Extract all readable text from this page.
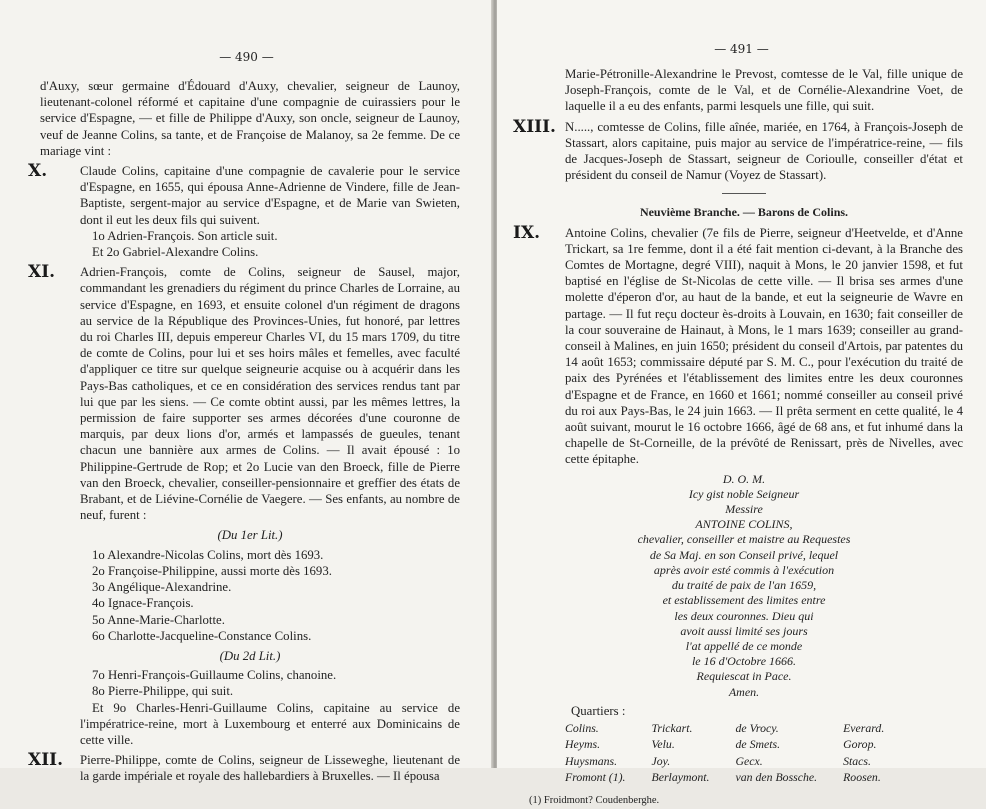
— 490 —

d'Auxy, sœur germaine d'Édouard d'Auxy, chevalier, seigneur de Launoy, lieutenant-colonel réformé et capitaine d'une compagnie de cuirassiers pour le service d'Espagne, — et fille de Philippe d'Auxy, son oncle, seigneur de Launoy, veuf de Jeanne Colins, sa tante, et de Françoise de Malanoy, sa 2e femme. De ce mariage vint :

X.	Claude Colins, capitaine d'une compagnie de cavalerie pour le service d'Espagne, en 1655, qui épousa Anne-Adrienne de Vindere, fille de Jean-Baptiste, sergent-major au service d'Espagne, et de Marie van Swieten, dont il eut les deux fils qui suivent.

1o Adrien-François. Son article suit.

Et 2o Gabriel-Alexandre Colins.

XI. Adrien-François, comte de Colins, seigneur de Sausel, major, commandant les grenadiers du régiment du prince Charles de Lorraine, au service d'Espagne, en 1693, et ensuite colonel d'un régiment de dragons au service de la République des Provinces-Unies, fut honoré, par lettres du roi Charles III, depuis empereur Charles VI, du 15 mars 1709, du titre de comte de Colins, pour lui et ses hoirs mâles et femelles, avec faculté d'appliquer ce titre sur quelque seigneurie acquise ou à acquérir dans les Pays-Bas catholiques, et ce en considération des services rendus tant par lui que par les siens. — Ce comte obtint aussi, par les mêmes lettres, la permission de faire supporter ses armes décorées d'une couronne de marquis, par deux lions d'or, armés et lampassés de gueules, tenant chacun une bannière aux armes de Colins. — Il avait épousé : 1o Philippine-Gertrude de Rop; et 2o Lucie van den Broeck, fille de Pierre van den Broeck, chevalier, conseiller-pensionnaire et greffier des états de Brabant, et de Liévine-Cornélie de Vaegere. — Ses enfants, au nombre de neuf, furent :

(Du 1er Lit.)

1o Alexandre-Nicolas Colins, mort dès 1693.

2o Françoise-Philippine, aussi morte dès 1693.

3o Angélique-Alexandrine.

4o Ignace-François.

5o Anne-Marie-Charlotte.

6o Charlotte-Jacqueline-Constance Colins.

(Du 2d Lit.)

7o Henri-François-Guillaume Colins, chanoine.

8o Pierre-Philippe, qui suit.

Et 9o Charles-Henri-Guillaume Colins, capitaine au service de l'impératrice-reine, mort à Luxembourg et enterré aux Dominicains de cette ville.

XII. Pierre-Philippe, comte de Colins, seigneur de Lisseweghe, lieutenant de la garde impériale et royale des hallebardiers à Bruxelles. — Il épousa

— 491 —

Marie-Pétronille-Alexandrine le Prevost, comtesse de le Val, fille unique de Joseph-François, comte de le Val, et de Cornélie-Alexandrine Voet, de laquelle il a eu des enfants, parmi lesquels une fille, qui suit.

XIII. N....., comtesse de Colins, fille aînée, mariée, en 1764, à François-Joseph de Stassart, alors capitaine, puis major au service de l'impératrice-reine, — fils de Jacques-Joseph de Stassart, seigneur de Corioulle, conseiller d'état et président du conseil de Namur (Voyez de Stassart).

Neuvième Branche. — Barons de Colins.

IX. Antoine Colins, chevalier (7e fils de Pierre, seigneur d'Heetvelde, et d'Anne Trickart, sa 1re femme, dont il a été fait mention ci-devant, à la Branche des Comtes de Mortagne, degré VIII), naquit à Mons, le 20 janvier 1598, et fut baptisé en l'église de St-Nicolas de cette ville. — Il brisa ses armes d'une molette d'éperon d'or, au haut de la bande, et eut la seigneurie de Wavre en partage. — Il fut reçu docteur ès-droits à Louvain, en 1630; fait conseiller de la cour souveraine de Hainaut, à Mons, le 1 mars 1639; conseiller au grand-conseil à Malines, en juin 1650; président du conseil d'Artois, par patentes du 14 août 1653; commissaire député par S. M. C., pour l'exécution du traité de paix des Pyrénées et l'établissement des limites entre les deux couronnes d'Espagne et de France, en 1660 et 1661; nommé conseiller au conseil privé du roi aux Pays-Bas, le 24 juin 1663. — Il prêta serment en cette qualité, le 4 août suivant, mourut le 16 octobre 1666, âgé de 68 ans, et fut inhumé dans la chapelle de St-Corneille, de la prévôté de Renissart, près de Nivelles, avec cette épitaphe.

D. O. M.

Icy gist noble Seigneur

Messire

ANTOINE COLINS,

chevalier, conseiller et maistre au Requestes

de Sa Maj. en son Conseil privé, lequel

après avoir esté commis à l'exécution

du traité de paix de l'an 1659,

et establissement des limites entre

les deux couronnes. Dieu qui

avoit aussi limité ses jours

l'at appellé de ce monde

le 16 d'Octobre 1666.

Requiescat in Pace.

Amen.

Quartiers :

Colins.	Trickart.	de Vrocy.	Everard.
Heyms.	Velu.	de Smets.	Gorop.
Huysmans.	Joy.	Gecx.	Stacs.
Fromont (1).	Berlaymont.	van den Bossche.	Roosen.

(1) Froidmont? Coudenberghe.
